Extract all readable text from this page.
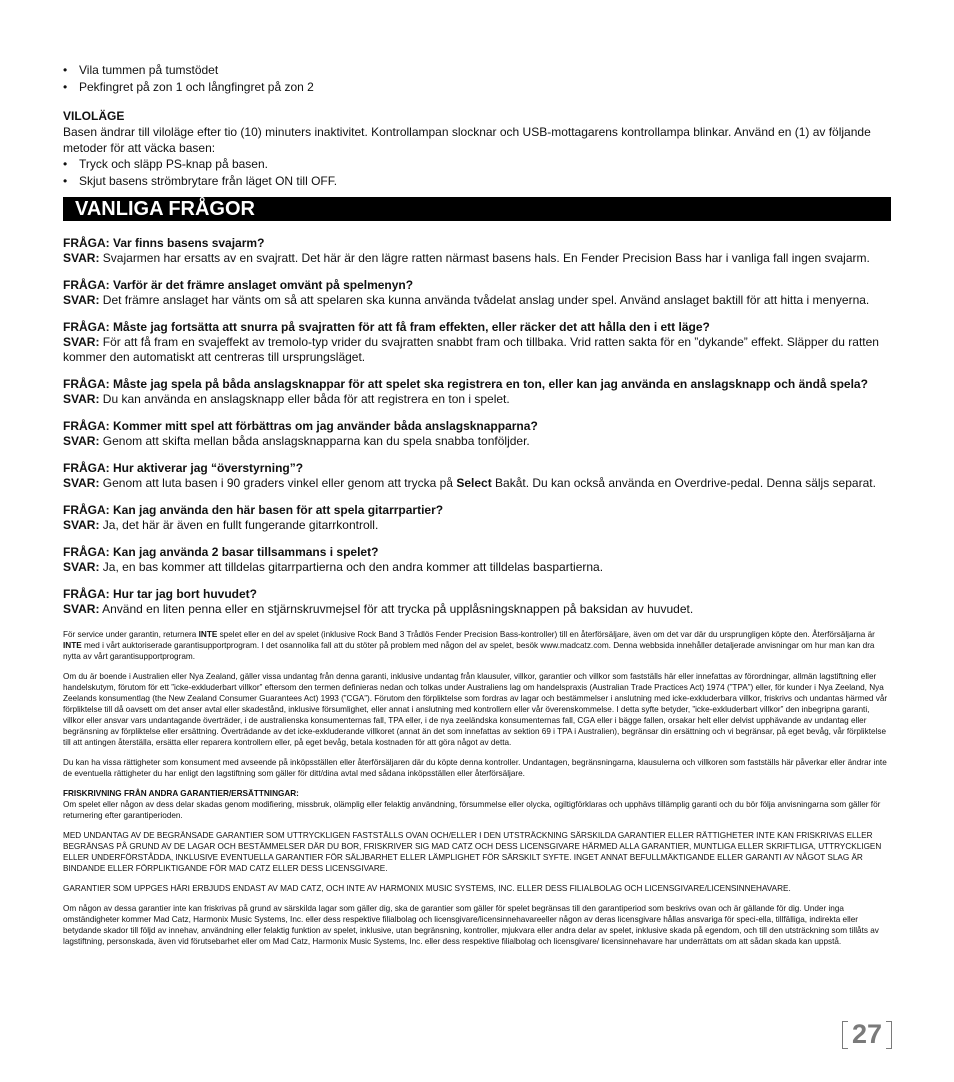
• Vila tummen på tumstödet
• Pekfingret på zon 1 och långfingret på zon 2
VILOLÄGE

Basen ändrar till viloläge efter tio (10) minuters inaktivitet. Kontrollampan slocknar och USB-mottagarens kontrollampa blinkar. Använd en (1) av följande metoder för att väcka basen:

• Tryck och släpp PS-knap på basen.
• Skjut basens strömbrytare från läget ON till OFF.
VANLIGA FRÅGOR
FRÅGA: Var finns basens svajarm?
SVAR: Svajarmen har ersatts av en svajratt. Det här är den lägre ratten närmast basens hals. En Fender Precision Bass har i vanliga fall ingen svajarm.
FRÅGA: Varför är det främre anslaget omvänt på spelmenyn?
SVAR: Det främre anslaget har vänts om så att spelaren ska kunna använda tvådelat anslag under spel. Använd anslaget baktill för att hitta i menyerna.
FRÅGA: Måste jag fortsätta att snurra på svajratten för att få fram effekten, eller räcker det att hålla den i ett läge?
SVAR: För att få fram en svajeffekt av tremolo-typ vrider du svajratten snabbt fram och tillbaka. Vrid ratten sakta för en ”dykande” effekt. Släpper du ratten kommer den automatiskt att centreras till ursprungsläget.
FRÅGA: Måste jag spela på båda anslagsknappar för att spelet ska registrera en ton, eller kan jag använda en anslagsknapp och ändå spela?
SVAR: Du kan använda en anslagsknapp eller båda för att registrera en ton i spelet.
FRÅGA: Kommer mitt spel att förbättras om jag använder båda anslagsknapparna?
SVAR: Genom att skifta mellan båda anslagsknapparna kan du spela snabba tonföljder.
FRÅGA: Hur aktiverar jag “överstyrning”?
SVAR: Genom att luta basen i 90 graders vinkel eller genom att trycka på Select Bakåt. Du kan också använda en Overdrive-pedal. Denna säljs separat.
FRÅGA: Kan jag använda den här basen för att spela gitarrpartier?
SVAR: Ja, det här är även en fullt fungerande gitarrkontroll.
FRÅGA: Kan jag använda 2 basar tillsammans i spelet?
SVAR: Ja, en bas kommer att tilldelas gitarrpartierna och den andra kommer att tilldelas baspartierna.
FRÅGA: Hur tar jag bort huvudet?
SVAR: Använd en liten penna eller en stjärnskruvmejsel för att trycka på upplåsningsknappen på baksidan av huvudet.

För service under garantin, returnera INTE spelet eller en del av spelet (inklusive Rock Band 3 Trådlös Fender Precision Bass-kontroller) till en återförsäljare, även om det var där du ursprungligen köpte den. Återförsäljarna är INTE med i vårt auktoriserade garantisupportprogram. I det osannolika fall att du stöter på problem med någon del av spelet, besök www.madcatz.com. Denna webbsida innehåller detaljerade anvisningar om hur man kan dra nytta av vårt garantisupportprogram.

Om du är boende i Australien eller Nya Zealand, gäller vissa undantag från denna garanti, inklusive undantag från klausuler, villkor, garantier och villkor som fastställs här eller innefattas av förordningar, allmän lagstiftning eller handelskutym, förutom för ett ”icke-exkluderbart villkor” eftersom den termen definieras nedan och tolkas under Australiens lag om handelspraxis (Australian Trade Practices Act) 1974 (”TPA”) eller, för kunder i Nya Zeeland, Nya Zeelands konsumentlag (the New Zealand Consumer Guarantees Act) 1993 (”CGA”). Förutom den förpliktelse som fordras av lagar och bestämmelser i anslutning med icke-exkluderbara villkor, friskrivs och undantas härmed vår förpliktelse till då oavsett om det anser avtal eller skadestånd, inklusive försumlighet, eller annat i anslutning med kontrollern eller vår överenskommelse. I detta syfte betyder, ”icke-exkluderbart villkor” den inbegripna garanti, villkor eller ansvar vars undantagande överträder, i de australienska konsumenternas fall, TPA eller, i de nya zeeländska konsumenternas fall, CGA eller i bägge fallen, orsakar helt eller delvist upphävande av undantag eller begränsning av förpliktelse eller ersättning. Överträdande av det icke-exkluderande villkoret (annat än det som innefattas av sektion 69 i TPA i Australien), begränsar din ersättning och vi begränsar, på eget bevåg, vår förpliktelse till att antingen återställa, ersätta eller reparera kontrollern eller, på eget bevåg, betala kostnaden för att göra något av detta.

Du kan ha vissa rättigheter som konsument med avseende på inköpsställen eller återförsäljaren där du köpte denna kontroller. Undantagen, begränsningarna, klausulerna och villkoren som fastställs här påverkar eller ändrar inte de eventuella rättigheter du har enligt den lagstiftning som gäller för ditt/dina avtal med sådana inköpsställen eller återförsäljare.

FRISKRIVNING FRÅN ANDRA GARANTIER/ERSÄTTNINGAR:

Om spelet eller någon av dess delar skadas genom modifiering, missbruk, olämplig eller felaktig användning, försummelse eller olycka, ogiltigförklaras och upphävs tillämplig garanti och du bör följa anvisningarna som gäller för returnering efter garantiperioden.

MED UNDANTAG AV DE BEGRÄNSADE GARANTIER SOM UTTRYCKLIGEN FASTSTÄLLS OVAN OCH/ELLER I DEN UTSTRÄCKNING SÄRSKILDA GARANTIER ELLER RÄTTIGHETER INTE KAN FRISKRIVAS ELLER BEGRÄNSAS PÅ GRUND AV DE LAGAR OCH BESTÄMMELSER DÄR DU BOR, FRISKRIVER SIG MAD CATZ OCH DESS LICENSGIVARE HÄRMED ALLA GARANTIER, MUNTLIGA ELLER SKRIFTLIGA, UTTRYCKLIGEN ELLER UNDERFÖRSTÅDDA, INKLUSIVE EVENTUELLA GARANTIER FÖR SÄLJBARHET ELLER LÄMPLIGHET FÖR SÄRSKILT SYFTE. INGET ANNAT BEFULLMÄKTIGANDE ELLER GARANTI AV NÅGOT SLAG ÄR BINDANDE ELLER FÖRPLIKTIGANDE FÖR MAD CATZ ELLER DESS LICENSGIVARE.

GARANTIER SOM UPPGES HÄRI ERBJUDS ENDAST AV MAD CATZ, OCH INTE AV HARMONIX MUSIC SYSTEMS, INC. ELLER DESS FILIALBOLAG OCH LICENSGIVARE/LICENSINNEHAVARE.

Om någon av dessa garantier inte kan friskrivas på grund av särskilda lagar som gäller dig, ska de garantier som gäller för spelet begränsas till den garantiperiod som beskrivs ovan och är gällande för dig. Under inga omständigheter kommer Mad Catz, Harmonix Music Systems, Inc. eller dess respektive filialbolag och licensgivare/licensinnehavareeller någon av deras licensgivare hållas ansvariga för speci-ella, tillfälliga, indirekta eller betydande skador till följd av innehav, användning eller felaktig funktion av spelet, inklusive, utan begränsning, kontroller, mjukvara eller andra delar av spelet, inklusive skada på egendom, och till den utsträckning som tillåts av lagstiftning, personskada, även vid förutsebarhet eller om Mad Catz, Harmonix Music Systems, Inc. eller dess respektive filialbolag och licensgivare/ licensinnehavare har underrättats om att sådan skada kan uppstå.

27
